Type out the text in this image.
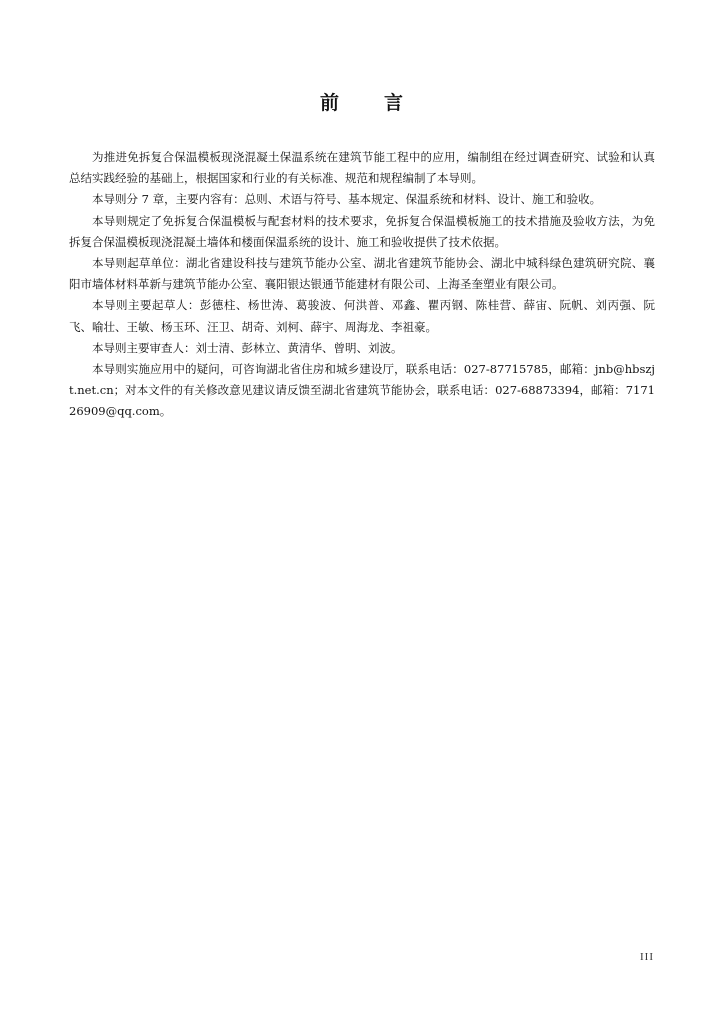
前 言

为推进免拆复合保温模板现浇混凝土保温系统在建筑节能工程中的应用，编制组在经过调查研究、试验和认真总结实践经验的基础上，根据国家和行业的有关标准、规范和规程编制了本导则。

本导则分 7 章，主要内容有：总则、术语与符号、基本规定、保温系统和材料、设计、施工和验收。

本导则规定了免拆复合保温模板与配套材料的技术要求，免拆复合保温模板施工的技术措施及验收方法，为免拆复合保温模板现浇混凝土墙体和楼面保温系统的设计、施工和验收提供了技术依据。

本导则起草单位：湖北省建设科技与建筑节能办公室、湖北省建筑节能协会、湖北中城科绿色建筑研究院、襄阳市墙体材料革新与建筑节能办公室、襄阳银达银通节能建材有限公司、上海圣奎塑业有限公司。

本导则主要起草人：彭德柱、杨世涛、葛骏波、何洪普、邓鑫、瞿丙钢、陈桂营、薛宙、阮帆、刘丙强、阮飞、喻壮、王敏、杨玉环、汪卫、胡奇、刘柯、薛宇、周海龙、李祖豪。

本导则主要审查人：刘士清、彭林立、黄清华、曾明、刘波。

本导则实施应用中的疑问，可咨询湖北省住房和城乡建设厅，联系电话：027-87715785，邮箱：jnb@hbszjt.net.cn；对本文件的有关修改意见建议请反馈至湖北省建筑节能协会，联系电话：027-68873394，邮箱：717126909@qq.com。

III
